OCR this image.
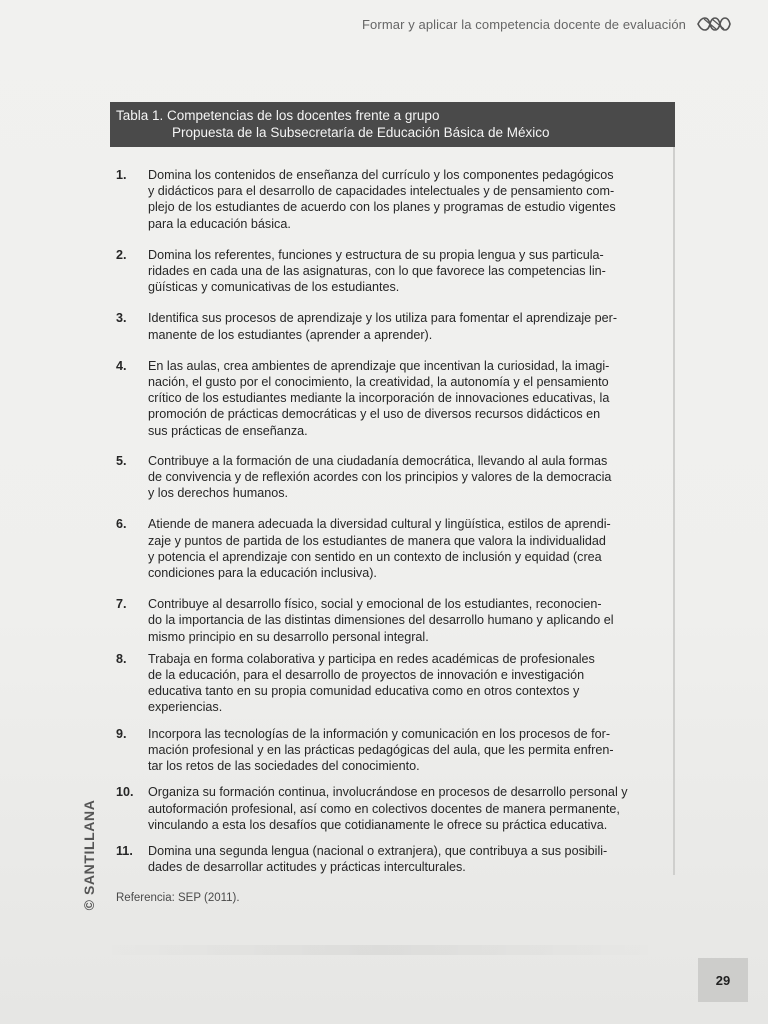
Formar y aplicar la competencia docente de evaluación
Tabla 1. Competencias de los docentes frente a grupo
Propuesta de la Subsecretaría de Educación Básica de México
1.	Domina los contenidos de enseñanza del currículo y los componentes pedagógicos
y didácticos para el desarrollo de capacidades intelectuales y de pensamiento com-
plejo de los estudiantes de acuerdo con los planes y programas de estudio vigentes
para la educación básica.
2.	Domina los referentes, funciones y estructura de su propia lengua y sus particula-
ridades en cada una de las asignaturas, con lo que favorece las competencias lin-
güísticas y comunicativas de los estudiantes.
3.	Identifica sus procesos de aprendizaje y los utiliza para fomentar el aprendizaje per-
manente de los estudiantes (aprender a aprender).
4.	En las aulas, crea ambientes de aprendizaje que incentivan la curiosidad, la imagi-
nación, el gusto por el conocimiento, la creatividad, la autonomía y el pensamiento
crítico de los estudiantes mediante la incorporación de innovaciones educativas, la
promoción de prácticas democráticas y el uso de diversos recursos didácticos en
sus prácticas de enseñanza.
5.	Contribuye a la formación de una ciudadanía democrática, llevando al aula formas
de convivencia y de reflexión acordes con los principios y valores de la democracia
y los derechos humanos.
6.	Atiende de manera adecuada la diversidad cultural y lingüística, estilos de aprendi-
zaje y puntos de partida de los estudiantes de manera que valora la individualidad
y potencia el aprendizaje con sentido en un contexto de inclusión y equidad (crea
condiciones para la educación inclusiva).
7.	Contribuye al desarrollo físico, social y emocional de los estudiantes, reconocien-
do la importancia de las distintas dimensiones del desarrollo humano y aplicando el
mismo principio en su desarrollo personal integral.
8.	Trabaja en forma colaborativa y participa en redes académicas de profesionales
de la educación, para el desarrollo de proyectos de innovación e investigación
educativa tanto en su propia comunidad educativa como en otros contextos y
experiencias.
9.	Incorpora las tecnologías de la información y comunicación en los procesos de for-
mación profesional y en las prácticas pedagógicas del aula, que les permita enfren-
tar los retos de las sociedades del conocimiento.
10.	Organiza su formación continua, involucrándose en procesos de desarrollo personal y
autoformación profesional, así como en colectivos docentes de manera permanente,
vinculando a esta los desafíos que cotidianamente le ofrece su práctica educativa.
11.	Domina una segunda lengua (nacional o extranjera), que contribuya a sus posibili-
dades de desarrollar actitudes y prácticas interculturales.
Referencia: SEP (2011).
© SANTILLANA
29
